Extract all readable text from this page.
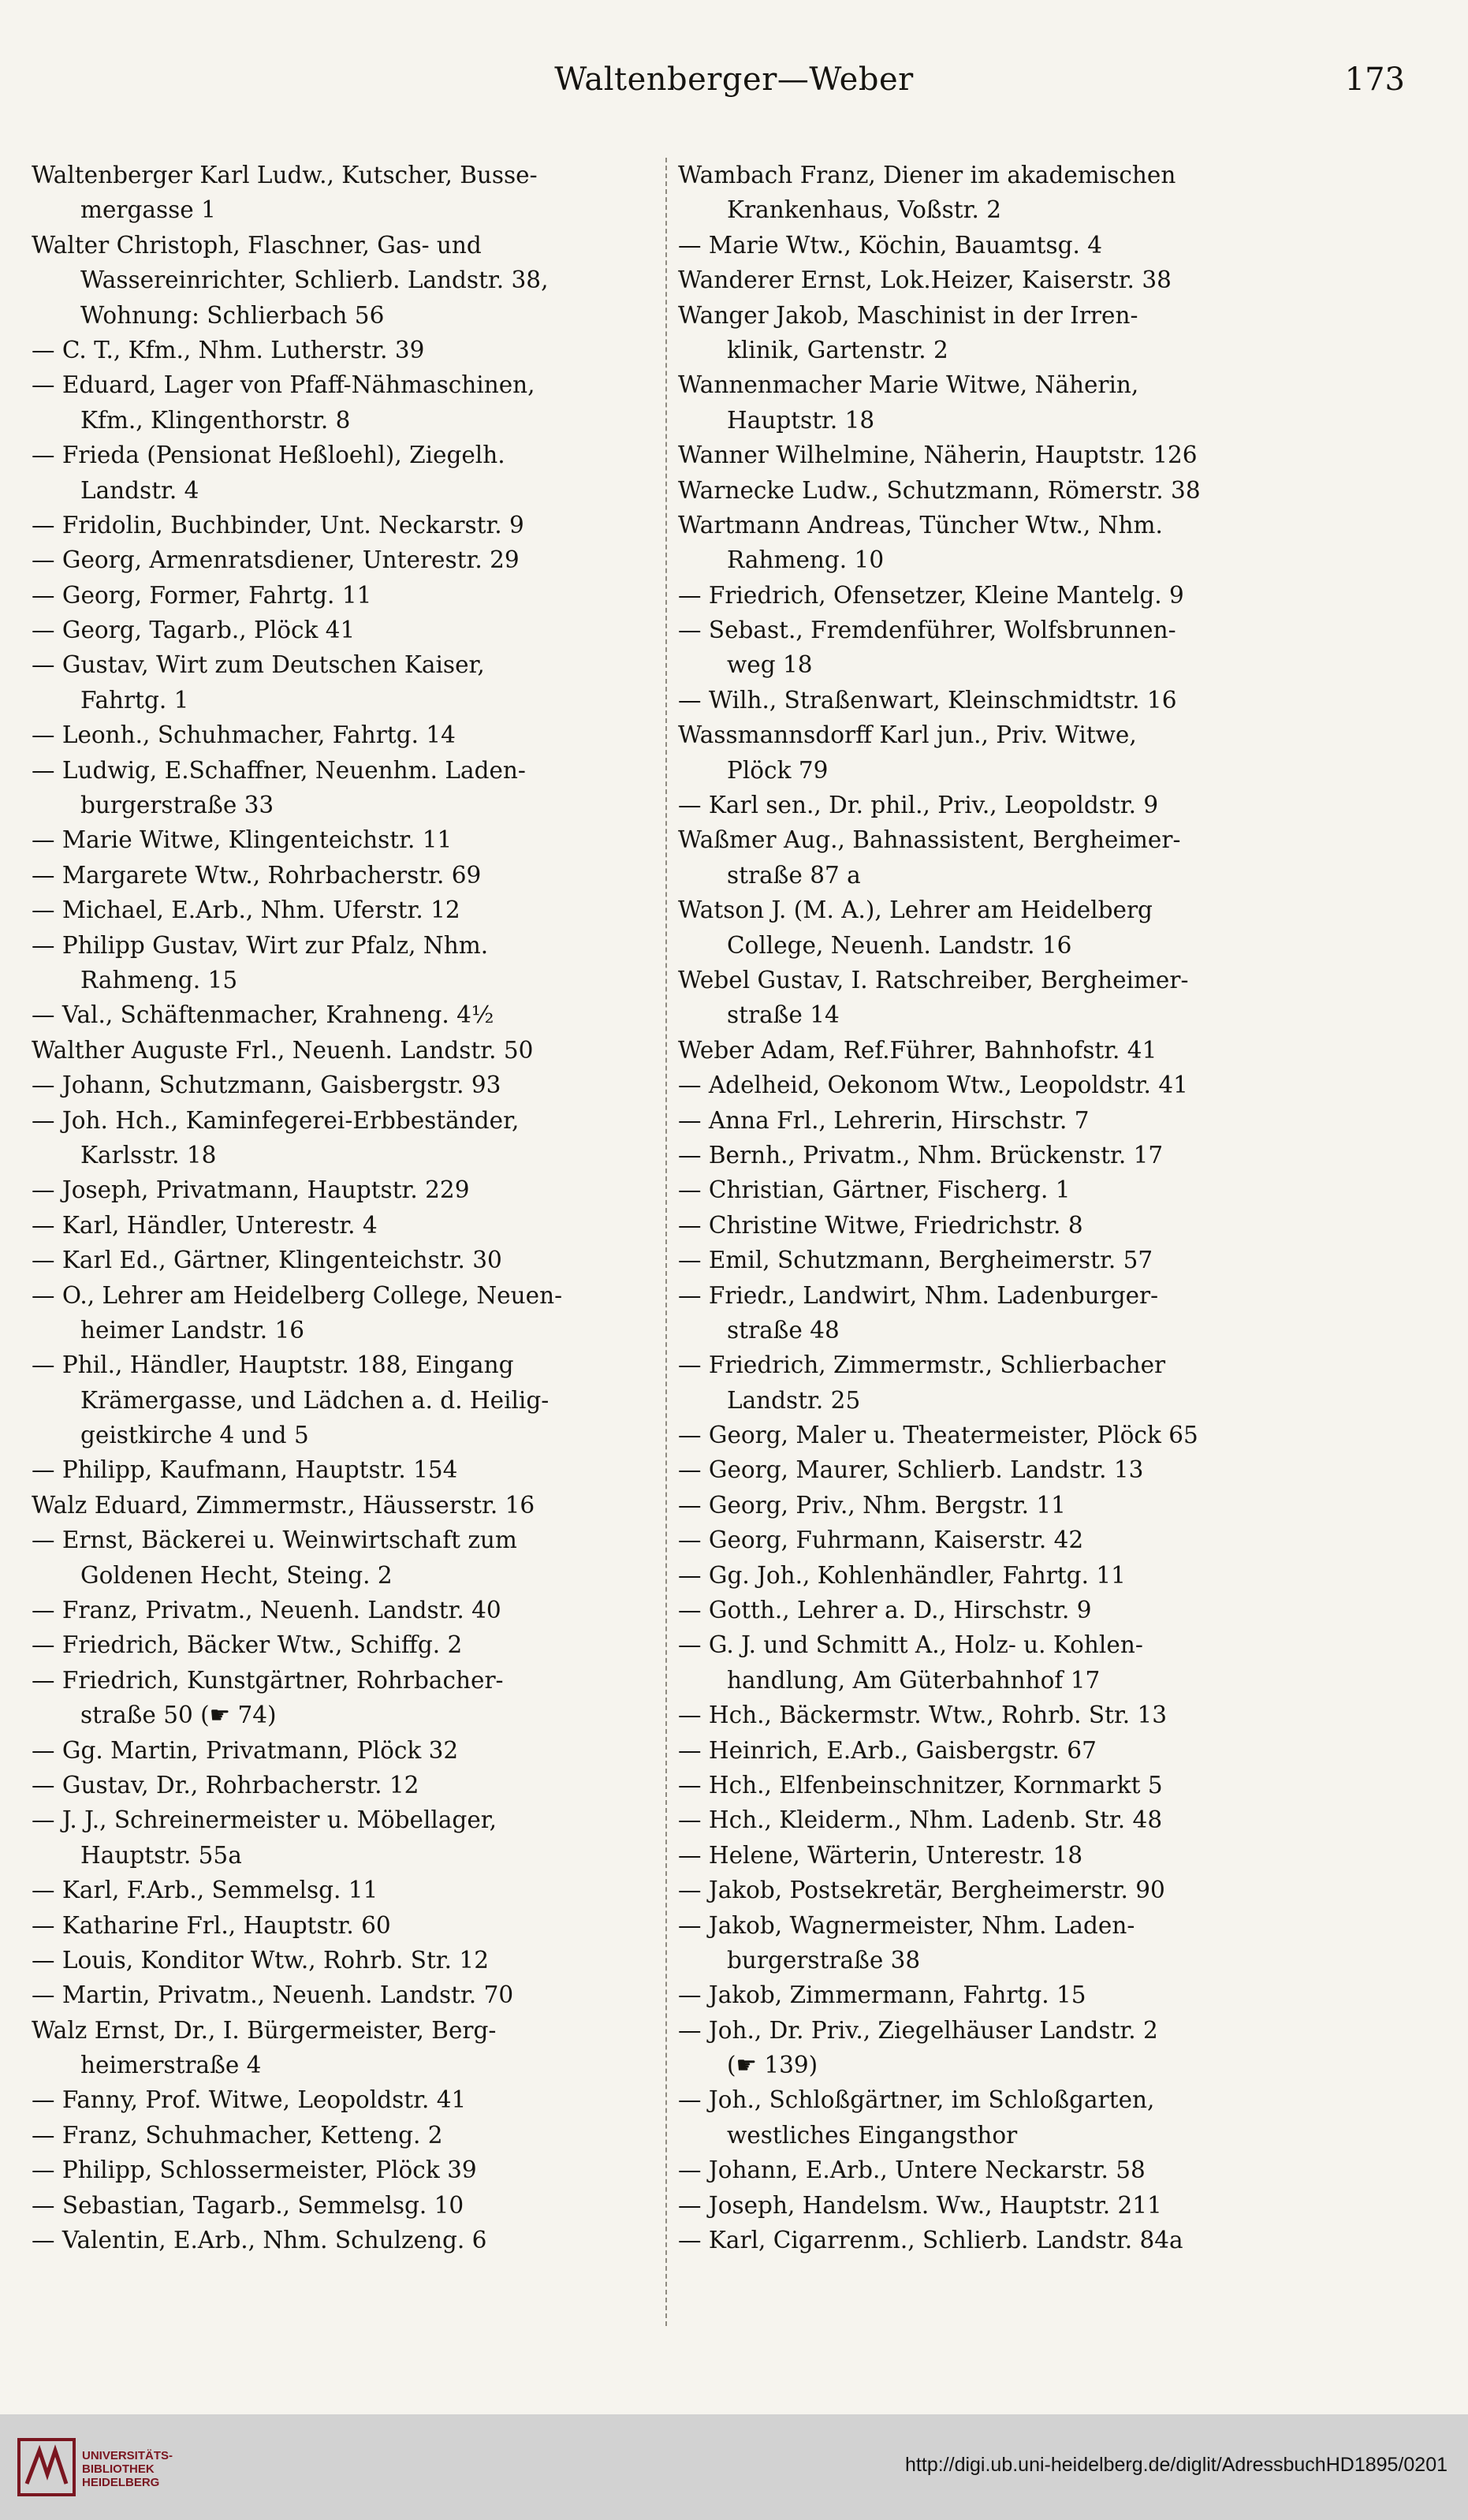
Waltenberger—Weber	173
Waltenberger Karl Ludw., Kutscher, Busse-
mergasse 1
Walter Christoph, Flaschner, Gas- und
Wassereinrichter, Schlierb. Landstr. 38,
Wohnung: Schlierbach 56
— C. T., Kfm., Nhm. Lutherstr. 39
— Eduard, Lager von Pfaff-Nähmaschinen,
Kfm., Klingenthorstr. 8
— Frieda (Pensionat Heßloehl), Ziegelh.
Landstr. 4
— Fridolin, Buchbinder, Unt. Neckarstr. 9
— Georg, Armenratsdiener, Unterestr. 29
— Georg, Former, Fahrtg. 11
— Georg, Tagarb., Plöck 41
— Gustav, Wirt zum Deutschen Kaiser,
Fahrtg. 1
— Leonh., Schuhmacher, Fahrtg. 14
— Ludwig, E.Schaffner, Neuenhm. Laden-
burgerstraße 33
— Marie Witwe, Klingenteichstr. 11
— Margarete Wtw., Rohrbacherstr. 69
— Michael, E.Arb., Nhm. Uferstr. 12
— Philipp Gustav, Wirt zur Pfalz, Nhm.
Rahmeng. 15
— Val., Schäftenmacher, Krahneng. 4½
Walther Auguste Frl., Neuenh. Landstr. 50
— Johann, Schutzmann, Gaisbergstr. 93
— Joh. Hch., Kaminfegerei-Erbbeständer,
Karlsstr. 18
— Joseph, Privatmann, Hauptstr. 229
— Karl, Händler, Unterestr. 4
— Karl Ed., Gärtner, Klingenteichstr. 30
— O., Lehrer am Heidelberg College, Neuen-
heimer Landstr. 16
— Phil., Händler, Hauptstr. 188, Eingang
Krämergasse, und Lädchen a. d. Heilig-
geistkirche 4 und 5
— Philipp, Kaufmann, Hauptstr. 154
Walz Eduard, Zimmermstr., Häusserstr. 16
— Ernst, Bäckerei u. Weinwirtschaft zum
Goldenen Hecht, Steing. 2
— Franz, Privatm., Neuenh. Landstr. 40
— Friedrich, Bäcker Wtw., Schiffg. 2
— Friedrich, Kunstgärtner, Rohrbacher-
straße 50 (☛ 74)
— Gg. Martin, Privatmann, Plöck 32
— Gustav, Dr., Rohrbacherstr. 12
— J. J., Schreinermeister u. Möbellager,
Hauptstr. 55a
— Karl, F.Arb., Semmelsg. 11
— Katharine Frl., Hauptstr. 60
— Louis, Konditor Wtw., Rohrb. Str. 12
— Martin, Privatm., Neuenh. Landstr. 70
Walz Ernst, Dr., I. Bürgermeister, Berg-
heimerstraße 4
— Fanny, Prof. Witwe, Leopoldstr. 41
— Franz, Schuhmacher, Ketteng. 2
— Philipp, Schlossermeister, Plöck 39
— Sebastian, Tagarb., Semmelsg. 10
— Valentin, E.Arb., Nhm. Schulzeng. 6
Wambach Franz, Diener im akademischen
Krankenhaus, Voßstr. 2
— Marie Wtw., Köchin, Bauamtsg. 4
Wanderer Ernst, Lok.Heizer, Kaiserstr. 38
Wanger Jakob, Maschinist in der Irren-
klinik, Gartenstr. 2
Wannenmacher Marie Witwe, Näherin,
Hauptstr. 18
Wanner Wilhelmine, Näherin, Hauptstr. 126
Warnecke Ludw., Schutzmann, Römerstr. 38
Wartmann Andreas, Tüncher Wtw., Nhm.
Rahmeng. 10
— Friedrich, Ofensetzer, Kleine Mantelg. 9
— Sebast., Fremdenführer, Wolfsbrunnen-
weg 18
— Wilh., Straßenwart, Kleinschmidtstr. 16
Wassmannsdorff Karl jun., Priv. Witwe,
Plöck 79
— Karl sen., Dr. phil., Priv., Leopoldstr. 9
Waßmer Aug., Bahnassistent, Bergheimer-
straße 87 a
Watson J. (M. A.), Lehrer am Heidelberg
College, Neuenh. Landstr. 16
Webel Gustav, I. Ratschreiber, Bergheimer-
straße 14
Weber Adam, Ref.Führer, Bahnhofstr. 41
— Adelheid, Oekonom Wtw., Leopoldstr. 41
— Anna Frl., Lehrerin, Hirschstr. 7
— Bernh., Privatm., Nhm. Brückenstr. 17
— Christian, Gärtner, Fischerg. 1
— Christine Witwe, Friedrichstr. 8
— Emil, Schutzmann, Bergheimerstr. 57
— Friedr., Landwirt, Nhm. Ladenburger-
straße 48
— Friedrich, Zimmermstr., Schlierbacher
Landstr. 25
— Georg, Maler u. Theatermeister, Plöck 65
— Georg, Maurer, Schlierb. Landstr. 13
— Georg, Priv., Nhm. Bergstr. 11
— Georg, Fuhrmann, Kaiserstr. 42
— Gg. Joh., Kohlenhändler, Fahrtg. 11
— Gotth., Lehrer a. D., Hirschstr. 9
— G. J. und Schmitt A., Holz- u. Kohlen-
handlung, Am Güterbahnhof 17
— Hch., Bäckermstr. Wtw., Rohrb. Str. 13
— Heinrich, E.Arb., Gaisbergstr. 67
— Hch., Elfenbeinschnitzer, Kornmarkt 5
— Hch., Kleiderm., Nhm. Ladenb. Str. 48
— Helene, Wärterin, Unterestr. 18
— Jakob, Postsekretär, Bergheimerstr. 90
— Jakob, Wagnermeister, Nhm. Laden-
burgerstraße 38
— Jakob, Zimmermann, Fahrtg. 15
— Joh., Dr. Priv., Ziegelhäuser Landstr. 2
(☛ 139)
— Joh., Schloßgärtner, im Schloßgarten,
westliches Eingangsthor
— Johann, E.Arb., Untere Neckarstr. 58
— Joseph, Handelsm. Ww., Hauptstr. 211
— Karl, Cigarrenm., Schlierb. Landstr. 84a
UNIVERSITÄTS-
BIBLIOTHEK
HEIDELBERG
http://digi.ub.uni-heidelberg.de/diglit/AdressbuchHD1895/0201
